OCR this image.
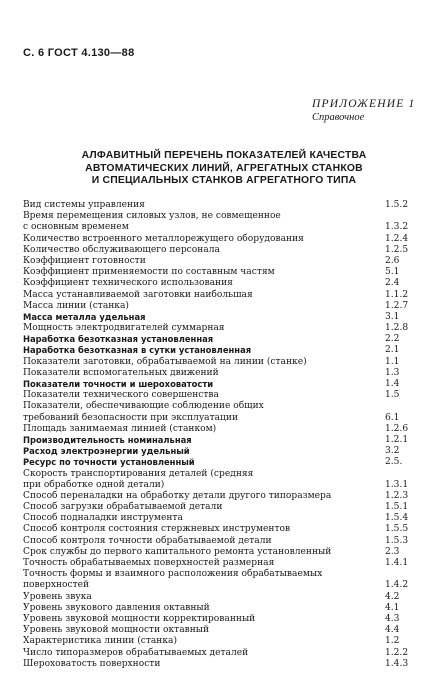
С. 6 ГОСТ 4.130—88
ПРИЛОЖЕНИЕ 1
Справочное
АЛФАВИТНЫЙ ПЕРЕЧЕНЬ ПОКАЗАТЕЛЕЙ КАЧЕСТВА
АВТОМАТИЧЕСКИХ ЛИНИЙ, АГРЕГАТНЫХ СТАНКОВ
И СПЕЦИАЛЬНЫХ СТАНКОВ АГРЕГАТНОГО ТИПА
Вид системы управления	1.5.2
Время перемещения силовых узлов, не совмещенное
с основным временем	1.3.2
Количество встроенного металлорежущего оборудования	1.2.4
Количество обслуживающего персонала	1.2.5
Коэффициент готовности	2.6
Коэффициент применяемости по составным частям	5.1
Коэффициент технического использования	2.4
Масса устанавливаемой заготовки наибольшая	1.1.2
Масса линии (станка)	1.2.7
Масса металла удельная	3.1
Мощность электродвигателей суммарная	1.2.8
Наработка безотказная установленная	2.2
Наработка безотказная в сутки установленная	2.1
Показатели заготовки, обрабатываемой на линии (станке)	1.1
Показатели вспомогательных движений	1.3
Показатели точности и шероховатости	1.4
Показатели технического совершенства	1.5
Показатели, обеспечивающие соблюдение общих
требований безопасности при эксплуатации	6.1
Площадь занимаемая линией (станком)	1.2.6
Производительность номинальная	1.2.1
Расход электроэнергии удельный	3.2
Ресурс по точности установленный	2.5.
Скорость транспортирования деталей (средняя
при обработке одной детали)	1.3.1
Способ переналадки на обработку детали другого типоразмера	1.2.3
Способ загрузки обрабатываемой детали	1.5.1
Способ подналадки инструмента	1.5.4
Способ контроля состояния стержневых инструментов	1.5.5
Способ контроля точности обрабатываемой детали	1.5.3
Срок службы до первого капитального ремонта установленный	2.3
Точность обрабатываемых поверхностей размерная	1.4.1
Точность формы и взаимного расположения обрабатываемых
поверхностей	1.4.2
Уровень звука	4.2
Уровень звукового давления октавный	4.1
Уровень звуковой мощности корректированный	4.3
Уровень звуковой мощности октавный	4.4
Характеристика линии (станка)	1.2
Число типоразмеров обрабатываемых деталей	1.2.2
Шероховатость поверхности	1.4.3
